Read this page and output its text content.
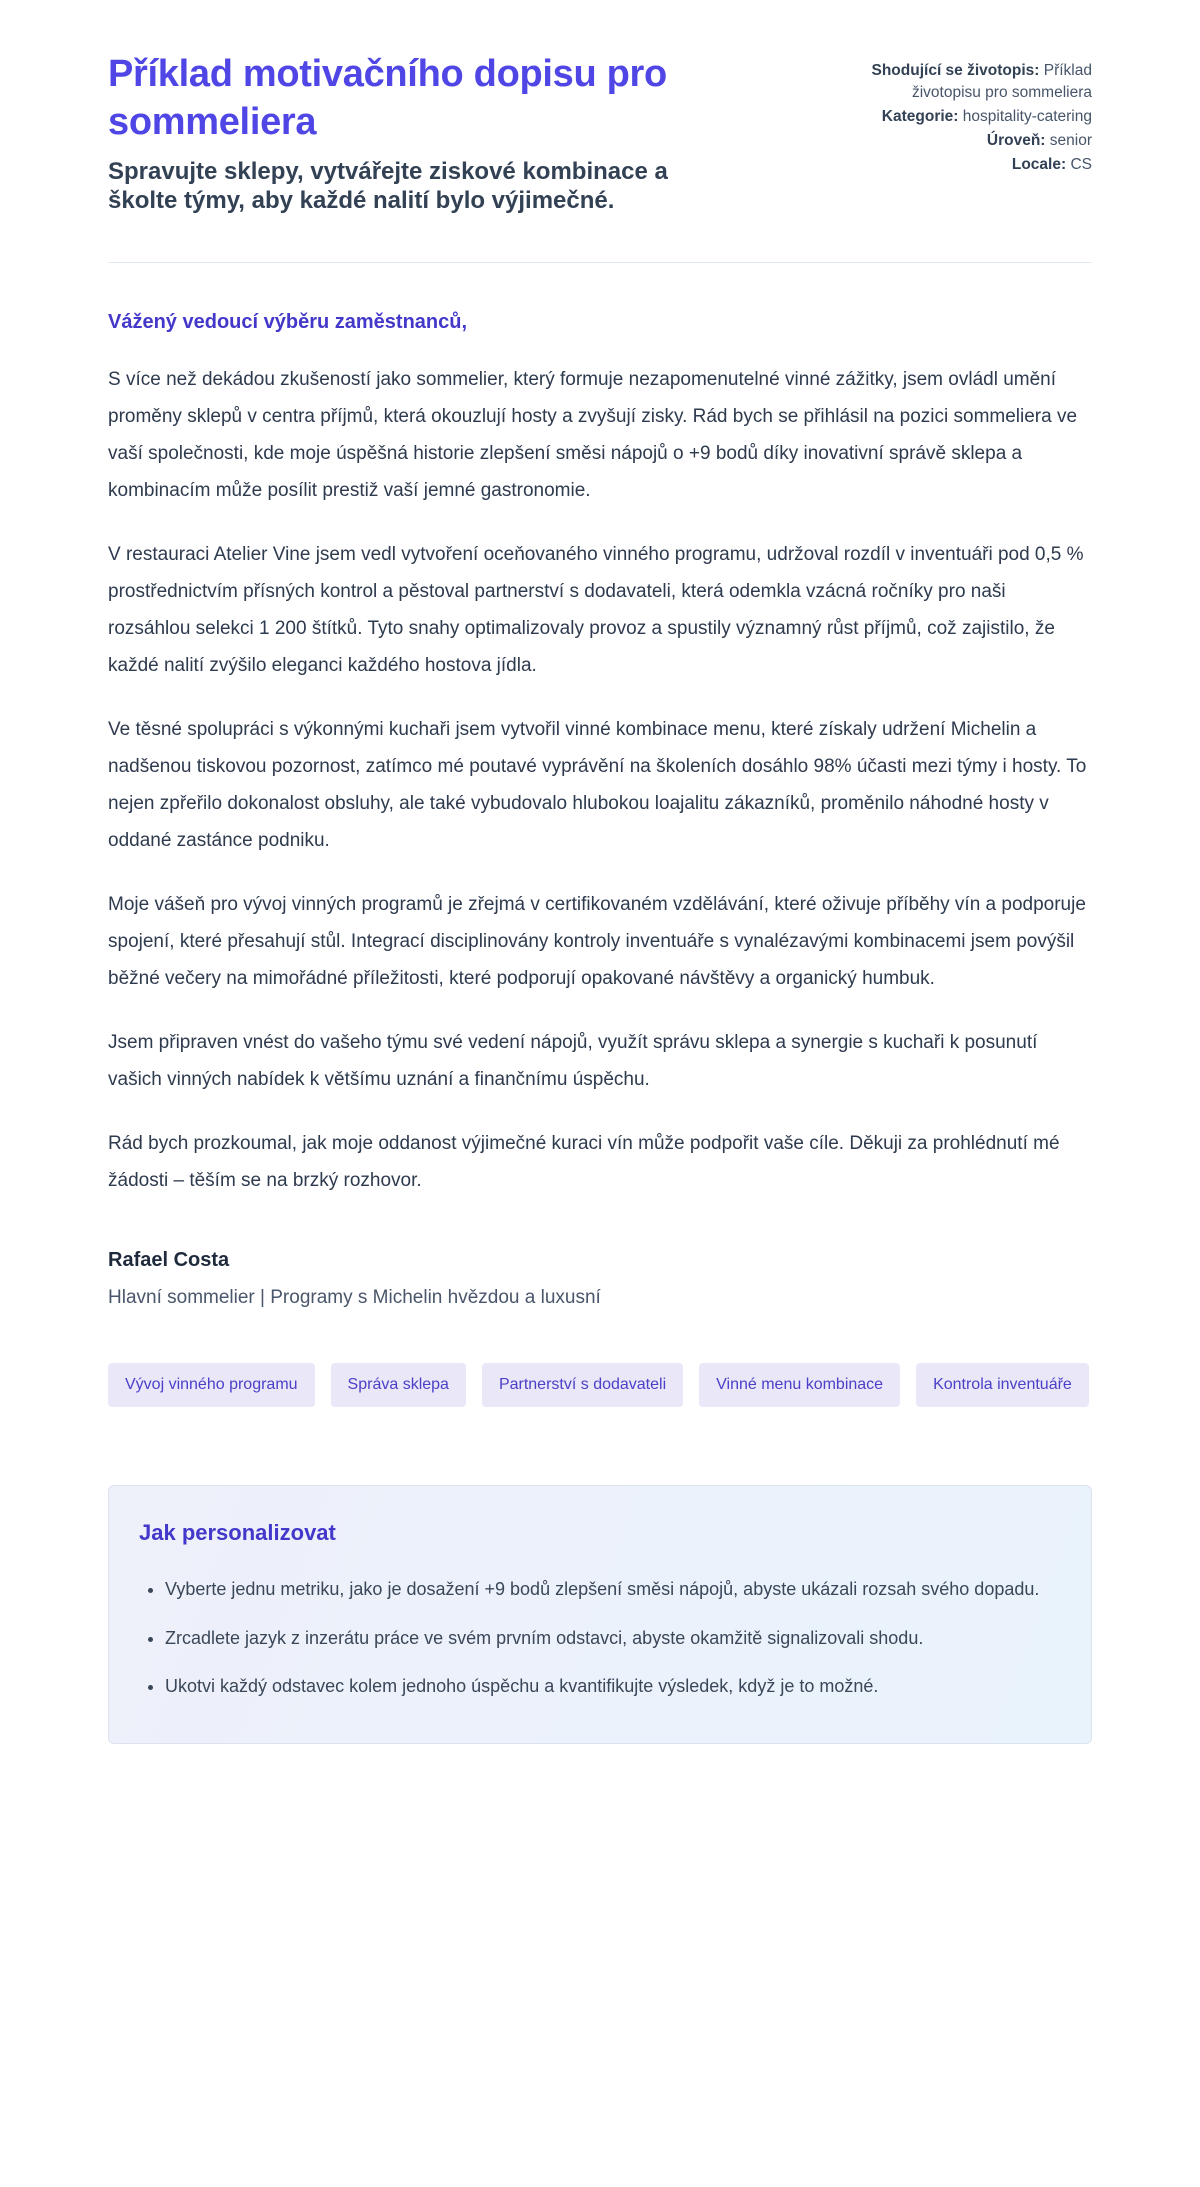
Příklad motivačního dopisu pro sommeliera

Spravujte sklepy, vytvářejte ziskové kombinace a školte týmy, aby každé nalití bylo výjimečné.

Shodující se životopis: Příklad životopisu pro sommeliera
Kategorie: hospitality-catering
Úroveň: senior
Locale: CS

Vážený vedoucí výběru zaměstnanců,

S více než dekádou zkušeností jako sommelier, který formuje nezapomenutelné vinné zážitky, jsem ovládl umění proměny sklepů v centra příjmů, která okouzlují hosty a zvyšují zisky. Rád bych se přihlásil na pozici sommeliera ve vaší společnosti, kde moje úspěšná historie zlepšení směsi nápojů o +9 bodů díky inovativní správě sklepa a kombinacím může posílit prestiž vaší jemné gastronomie.

V restauraci Atelier Vine jsem vedl vytvoření oceňovaného vinného programu, udržoval rozdíl v inventuáři pod 0,5 % prostřednictvím přísných kontrol a pěstoval partnerství s dodavateli, která odemkla vzácná ročníky pro naši rozsáhlou selekci 1 200 štítků. Tyto snahy optimalizovaly provoz a spustily významný růst příjmů, což zajistilo, že každé nalití zvýšilo eleganci každého hostova jídla.

Ve těsné spolupráci s výkonnými kuchaři jsem vytvořil vinné kombinace menu, které získaly udržení Michelin a nadšenou tiskovou pozornost, zatímco mé poutavé vyprávění na školeních dosáhlo 98% účasti mezi týmy i hosty. To nejen zpřeřilo dokonalost obsluhy, ale také vybudovalo hlubokou loajalitu zákazníků, proměnilo náhodné hosty v oddané zastánce podniku.

Moje vášeň pro vývoj vinných programů je zřejmá v certifikovaném vzdělávání, které oživuje příběhy vín a podporuje spojení, které přesahují stůl. Integrací disciplinovány kontroly inventuáře s vynalézavými kombinacemi jsem povýšil běžné večery na mimořádné příležitosti, které podporují opakované návštěvy a organický humbuk.

Jsem připraven vnést do vašeho týmu své vedení nápojů, využít správu sklepa a synergie s kuchaři k posunutí vašich vinných nabídek k většímu uznání a finančnímu úspěchu.

Rád bych prozkoumal, jak moje oddanost výjimečné kuraci vín může podpořit vaše cíle. Děkuji za prohlédnutí mé žádosti – těším se na brzký rozhovor.

Rafael Costa

Hlavní sommelier | Programy s Michelin hvězdou a luxusní

Vývoj vinného programu	Správa sklepa	Partnerství s dodavateli	Vinné menu kombinace	Kontrola inventuáře
Jak personalizovat
• Vyberte jednu metriku, jako je dosažení +9 bodů zlepšení směsi nápojů, abyste ukázali rozsah svého dopadu.
• Zrcadlete jazyk z inzerátu práce ve svém prvním odstavci, abyste okamžitě signalizovali shodu.
• Ukotvi každý odstavec kolem jednoho úspěchu a kvantifikujte výsledek, když je to možné.
